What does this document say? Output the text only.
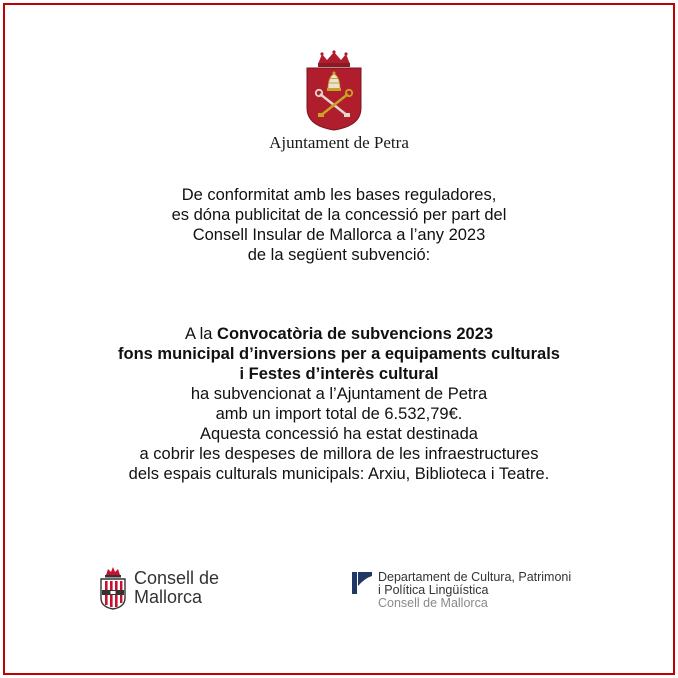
Ajuntament de Petra
De conformitat amb les bases reguladores,
es dóna publicitat de la concessió per part del
Consell Insular de Mallorca a l’any 2023
de la següent subvenció:
A la Convocatòria de subvencions 2023
fons municipal d’inversions per a equipaments culturals
i Festes d’interès cultural
ha subvencionat a l’Ajuntament de Petra
amb un import total de 6.532,79€.
Aquesta concessió ha estat destinada
a cobrir les despeses de millora de les infraestructures
dels espais culturals municipals: Arxiu, Biblioteca i Teatre.
Consell de
Mallorca
Departament de Cultura, Patrimoni
i Política Lingüística
Consell de Mallorca
